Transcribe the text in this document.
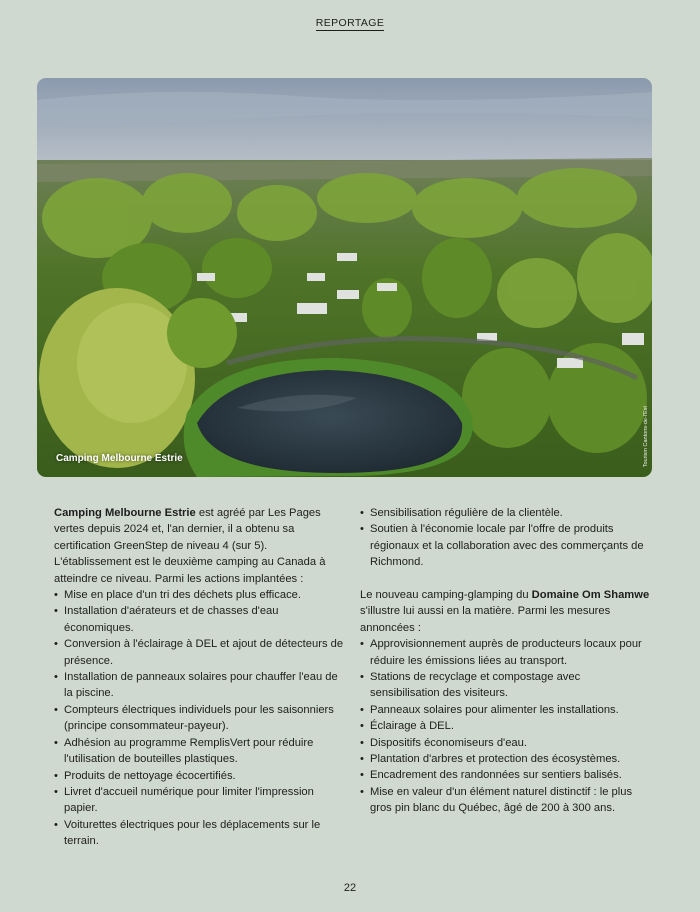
REPORTAGE
Camping Melbourne Estrie	Tourism Cantons-de-l'Est

Camping Melbourne Estrie est agréé par Les Pages vertes depuis 2024 et, l'an dernier, il a obtenu sa certification GreenStep de niveau 4 (sur 5). L'établissement est le deuxième camping au Canada à atteindre ce niveau. Parmi les actions implantées :

• Mise en place d'un tri des déchets plus efficace.
• Installation d'aérateurs et de chasses d'eau économiques.
• Conversion à l'éclairage à DEL et ajout de détecteurs de présence.
• Installation de panneaux solaires pour chauffer l'eau de la piscine.
• Compteurs électriques individuels pour les saisonniers (principe consommateur-payeur).
• Adhésion au programme RemplisVert pour réduire l'utilisation de bouteilles plastiques.
• Produits de nettoyage écocertifiés.
• Livret d'accueil numérique pour limiter l'impression papier.
• Voiturettes électriques pour les déplacements sur le terrain.
• Sensibilisation régulière de la clientèle.
• Soutien à l'économie locale par l'offre de produits régionaux et la collaboration avec des commerçants de Richmond.

Le nouveau camping-glamping du Domaine Om Shamwe s'illustre lui aussi en la matière. Parmi les mesures annoncées :

• Approvisionnement auprès de producteurs locaux pour réduire les émissions liées au transport.
• Stations de recyclage et compostage avec sensibilisation des visiteurs.
• Panneaux solaires pour alimenter les installations.
• Éclairage à DEL.
• Dispositifs économiseurs d'eau.
• Plantation d'arbres et protection des écosystèmes.
• Encadrement des randonnées sur sentiers balisés.
• Mise en valeur d'un élément naturel distinctif : le plus gros pin blanc du Québec, âgé de 200 à 300 ans.
22
